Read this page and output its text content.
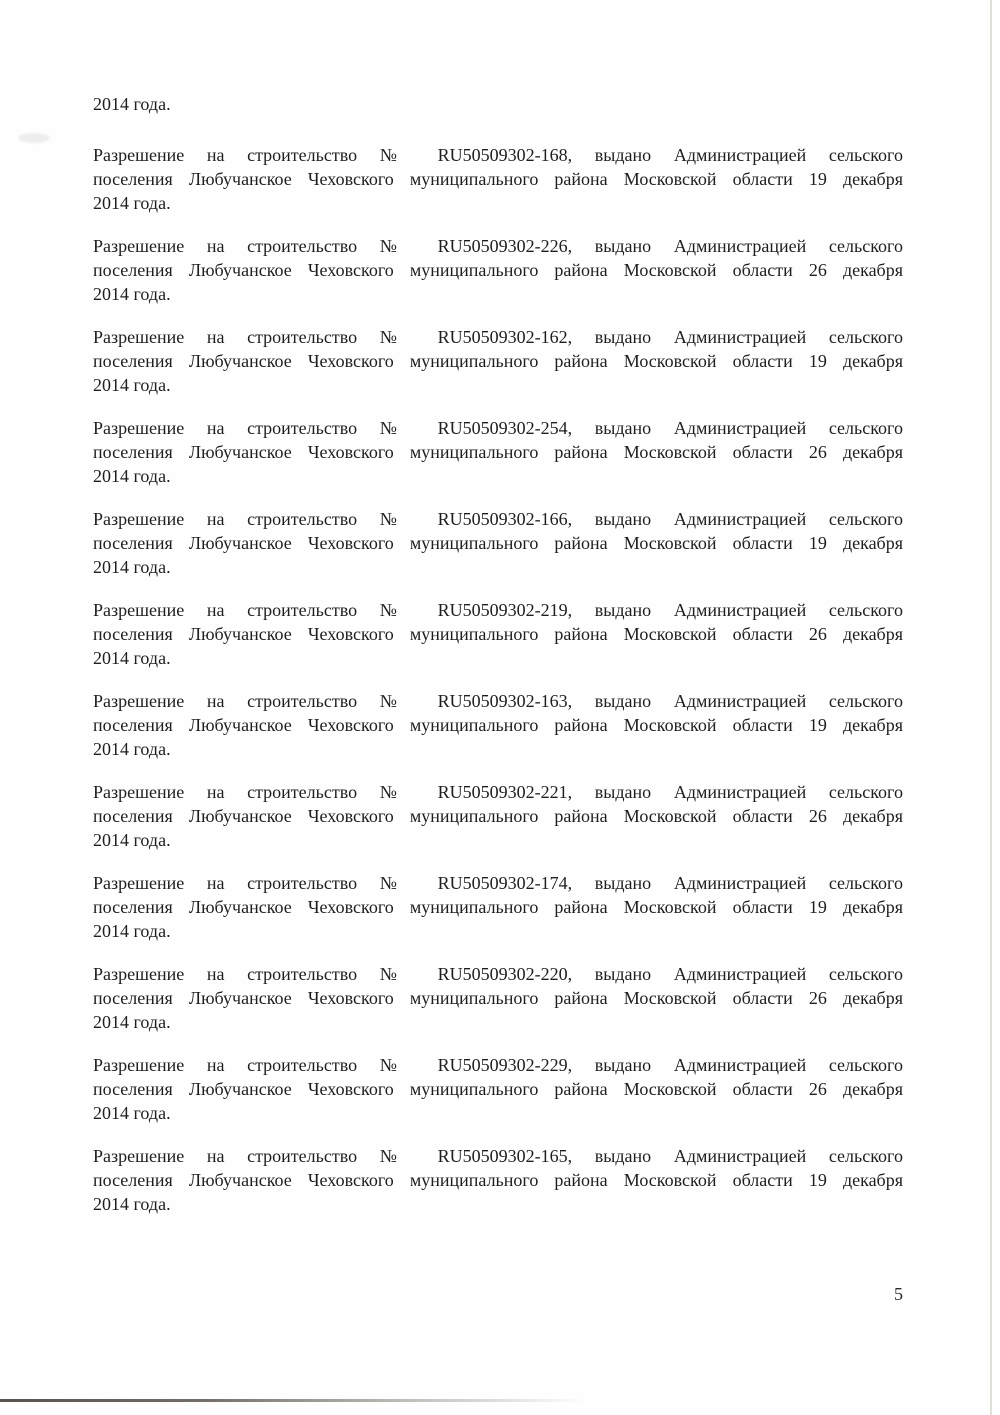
2014 года.

Разрешение на строительство № RU50509302-168, выдано Администрацией сельского
поселения Любучанское Чеховского муниципального района Московской области 19 декабря
2014 года.

Разрешение на строительство № RU50509302-226, выдано Администрацией сельского
поселения Любучанское Чеховского муниципального района Московской области 26 декабря
2014 года.

Разрешение на строительство № RU50509302-162, выдано Администрацией сельского
поселения Любучанское Чеховского муниципального района Московской области 19 декабря
2014 года.

Разрешение на строительство № RU50509302-254, выдано Администрацией сельского
поселения Любучанское Чеховского муниципального района Московской области 26 декабря
2014 года.

Разрешение на строительство № RU50509302-166, выдано Администрацией сельского
поселения Любучанское Чеховского муниципального района Московской области 19 декабря
2014 года.

Разрешение на строительство № RU50509302-219, выдано Администрацией сельского
поселения Любучанское Чеховского муниципального района Московской области 26 декабря
2014 года.

Разрешение на строительство № RU50509302-163, выдано Администрацией сельского
поселения Любучанское Чеховского муниципального района Московской области 19 декабря
2014 года.

Разрешение на строительство № RU50509302-221, выдано Администрацией сельского
поселения Любучанское Чеховского муниципального района Московской области 26 декабря
2014 года.

Разрешение на строительство № RU50509302-174, выдано Администрацией сельского
поселения Любучанское Чеховского муниципального района Московской области 19 декабря
2014 года.

Разрешение на строительство № RU50509302-220, выдано Администрацией сельского
поселения Любучанское Чеховского муниципального района Московской области 26 декабря
2014 года.

Разрешение на строительство № RU50509302-229, выдано Администрацией сельского
поселения Любучанское Чеховского муниципального района Московской области 26 декабря
2014 года.

Разрешение на строительство № RU50509302-165, выдано Администрацией сельского
поселения Любучанское Чеховского муниципального района Московской области 19 декабря
2014 года.

5
